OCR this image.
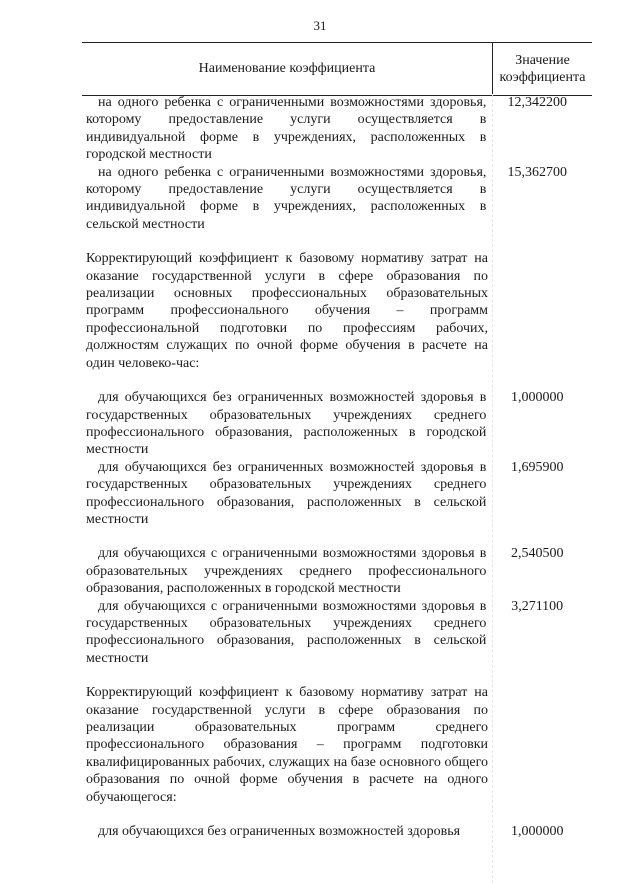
31
Наименование коэффициента
Значение коэффициента
на одного ребенка с ограниченными возможностями здоровья, которому предоставление услуги осуществляется в индивидуальной форме в учреждениях, расположенных в городской местности
12,342200
на одного ребенка с ограниченными возможностями здоровья, которому предоставление услуги осуществляется в индивидуальной форме в учреждениях, расположенных в сельской местности
15,362700
Корректирующий коэффициент к базовому нормативу затрат на оказание государственной услуги в сфере образования по реализации основных профессиональных образовательных программ профессионального обучения – программ профессиональной подготовки по профессиям рабочих, должностям служащих по очной форме обучения в расчете на один человеко-час:
для обучающихся без ограниченных возможностей здоровья в государственных образовательных учреждениях среднего профессионального образования, расположенных в городской местности
1,000000
для обучающихся без ограниченных возможностей здоровья в государственных образовательных учреждениях среднего профессионального образования, расположенных в сельской местности
1,695900
для обучающихся с ограниченными возможностями здоровья в образовательных учреждениях среднего профессионального образования, расположенных в городской местности
2,540500
для обучающихся с ограниченными возможностями здоровья в государственных образовательных учреждениях среднего профессионального образования, расположенных в сельской местности
3,271100
Корректирующий коэффициент к базовому нормативу затрат на оказание государственной услуги в сфере образования по реализации образовательных программ среднего профессионального образования – программ подготовки квалифицированных рабочих, служащих на базе основного общего образования по очной форме обучения в расчете на одного обучающегося:
для обучающихся без ограниченных возможностей здоровья	1,000000
